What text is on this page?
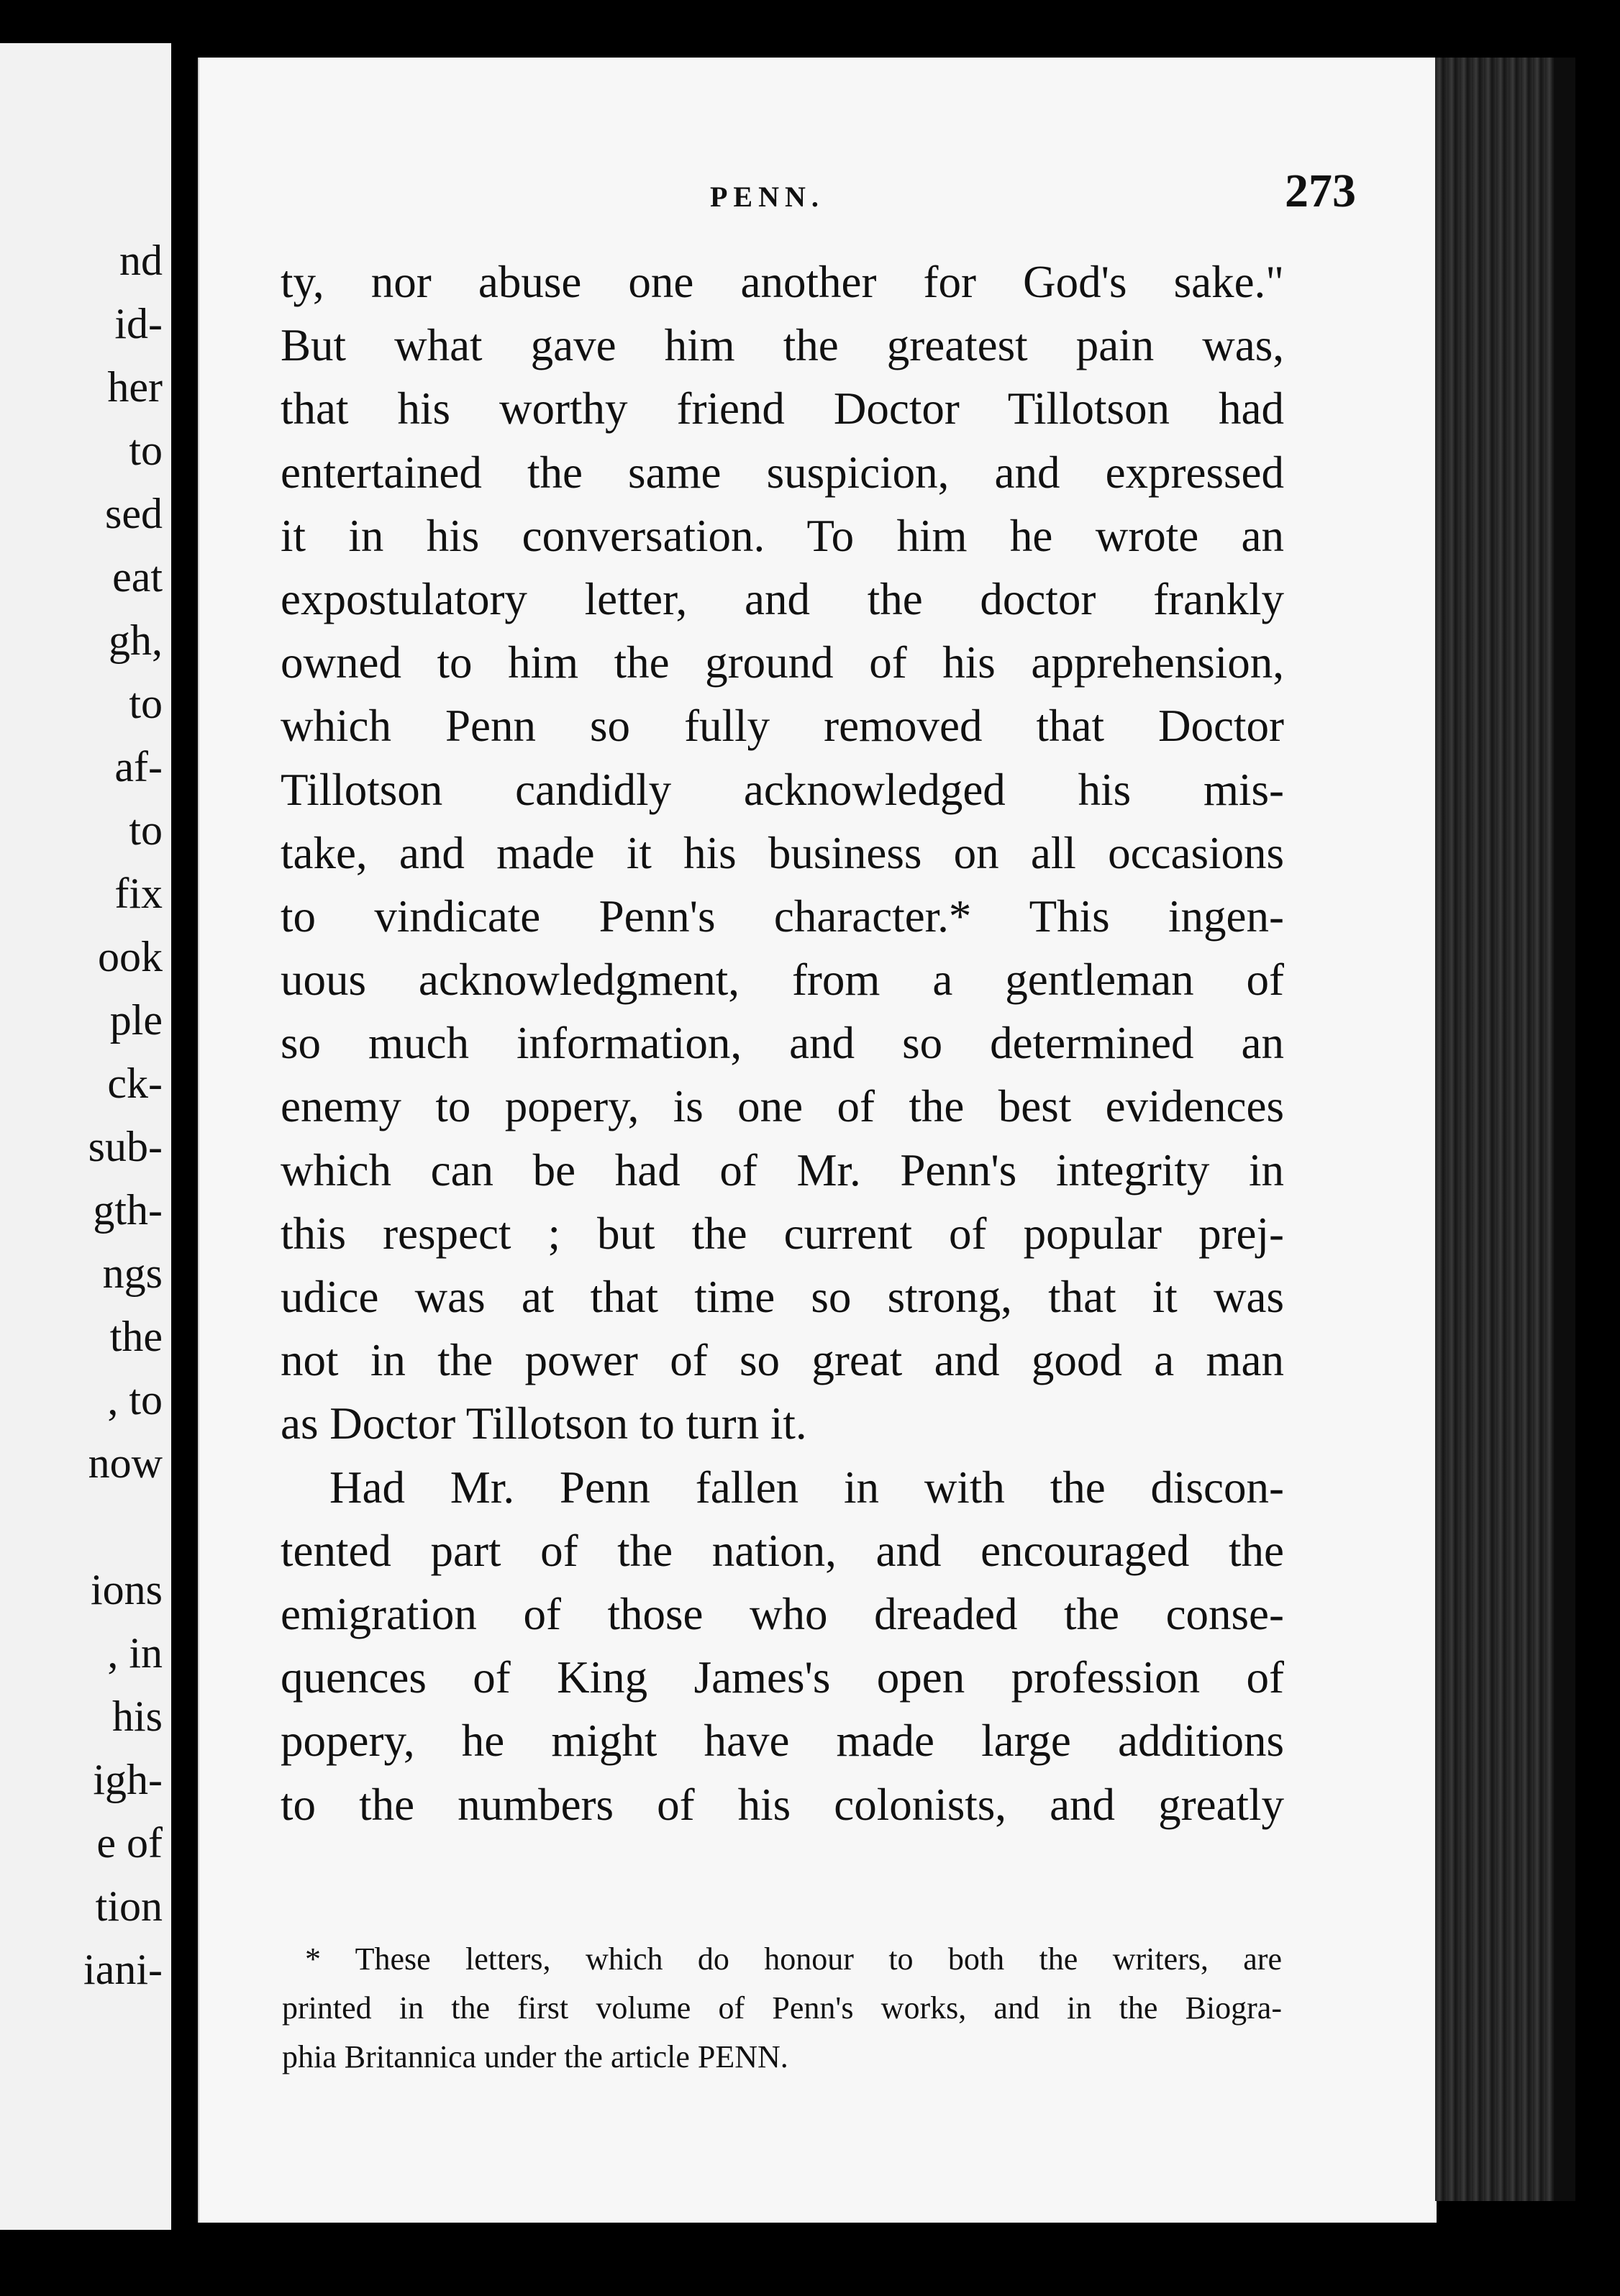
nd
id-
her
to
sed
eat
gh,
to
af-
to
fix
ook
ple
ck-
sub-
gth-
ngs
the
, to
now
ions
, in
his
igh-
e of
tion
iani-
PENN.	273
ty, nor abuse one another for God's sake."
But what gave him the greatest pain was,
that his worthy friend Doctor Tillotson had
entertained the same suspicion, and expressed
it in his conversation. To him he wrote an
expostulatory letter, and the doctor frankly
owned to him the ground of his apprehension,
which Penn so fully removed that Doctor
Tillotson candidly acknowledged his mis-
take, and made it his business on all occasions
to vindicate Penn's character.* This ingen-
uous acknowledgment, from a gentleman of
so much information, and so determined an
enemy to popery, is one of the best evidences
which can be had of Mr. Penn's integrity in
this respect ; but the current of popular prej-
udice was at that time so strong, that it was
not in the power of so great and good a man
as Doctor Tillotson to turn it.
Had Mr. Penn fallen in with the discon-
tented part of the nation, and encouraged the
emigration of those who dreaded the conse-
quences of King James's open profession of
popery, he might have made large additions
to the numbers of his colonists, and greatly
* These letters, which do honour to both the writers, are
printed in the first volume of Penn's works, and in the Biogra-
phia Britannica under the article PENN.
